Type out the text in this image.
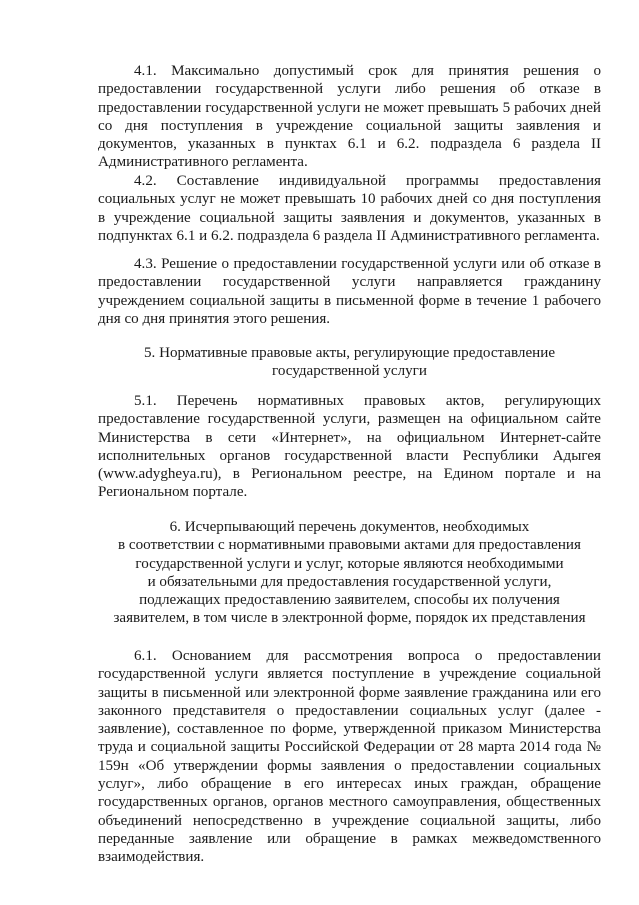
4.1. Максимально допустимый срок для принятия решения о предоставлении государственной услуги либо решения об отказе в предоставлении государственной услуги не может превышать 5 рабочих дней со дня поступления в учреждение социальной защиты заявления и документов, указанных в пунктах 6.1 и 6.2. подраздела 6 раздела II Административного регламента.

4.2. Составление индивидуальной программы предоставления социальных услуг не может превышать 10 рабочих дней со дня поступления в учреждение социальной защиты заявления и документов, указанных в подпунктах 6.1 и 6.2. подраздела 6 раздела II Административного регламента.

4.3. Решение о предоставлении государственной услуги или об отказе в предоставлении государственной услуги направляется гражданину учреждением социальной защиты в письменной форме в течение 1 рабочего дня со дня принятия этого решения.

5. Нормативные правовые акты, регулирующие предоставление
государственной услуги

5.1. Перечень нормативных правовых актов, регулирующих предоставление государственной услуги, размещен на официальном сайте Министерства в сети «Интернет», на официальном Интернет-сайте исполнительных органов государственной власти Республики Адыгея (www.adygheya.ru), в Региональном реестре, на Едином портале и на Региональном портале.

6. Исчерпывающий перечень документов, необходимых
в соответствии с нормативными правовыми актами для предоставления
государственной услуги и услуг, которые являются необходимыми
и обязательными для предоставления государственной услуги,
подлежащих предоставлению заявителем, способы их получения
заявителем, в том числе в электронной форме, порядок их представления

6.1. Основанием для рассмотрения вопроса о предоставлении государственной услуги является поступление в учреждение социальной защиты в письменной или электронной форме заявление гражданина или его законного представителя о предоставлении социальных услуг (далее - заявление), составленное по форме, утвержденной приказом Министерства труда и социальной защиты Российской Федерации от 28 марта 2014 года № 159н «Об утверждении формы заявления о предоставлении социальных услуг», либо обращение в его интересах иных граждан, обращение государственных органов, органов местного самоуправления, общественных объединений непосредственно в учреждение социальной защиты, либо переданные заявление или обращение в рамках межведомственного взаимодействия.
